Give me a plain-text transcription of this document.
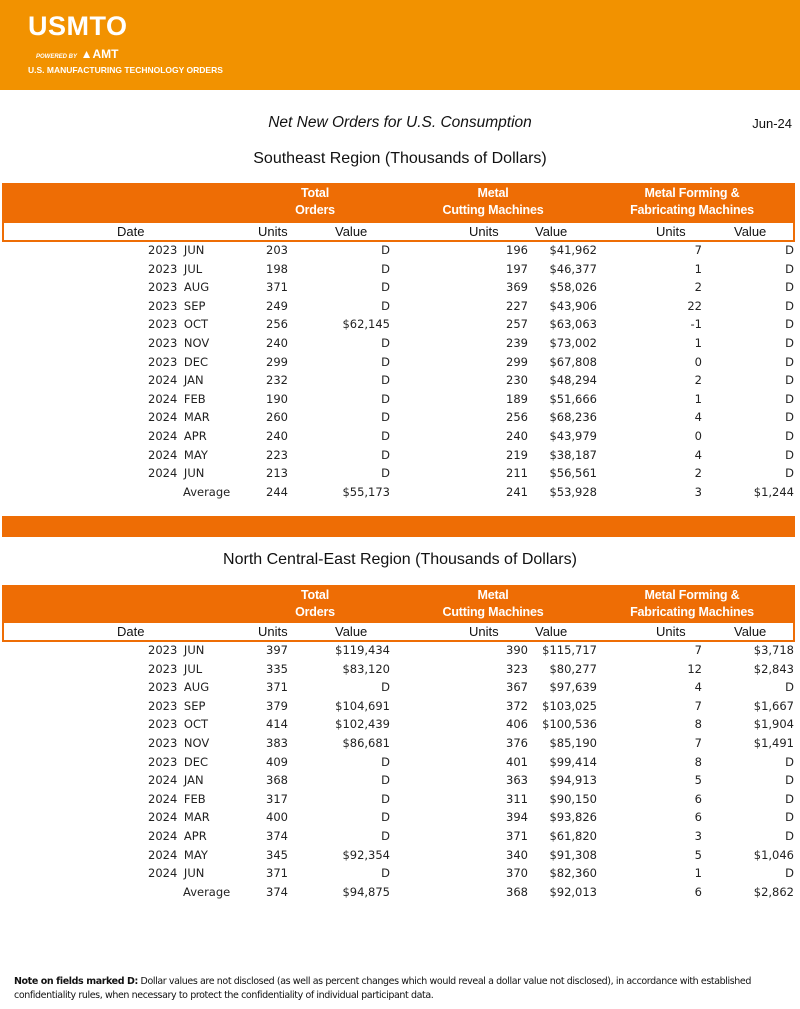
USMTO
POWERED BY ▲AMT
U.S. MANUFACTURING TECHNOLOGY ORDERS
Net New Orders for U.S. Consumption	Jun-24
Southeast Region (Thousands of Dollars)
Total
Orders
Metal
Cutting Machines
Metal Forming &
Fabricating Machines
Date	Units	Value	Units	Value	Units	Value
2023 JUN	203	D	196 $41,962	7	D
2023 JUL	198	D	197 $46,377	1	D
2023 AUG	371	D	369 $58,026	2	D
2023 SEP	249	D	227 $43,906	22	D
2023 OCT	256	$62,145	257 $63,063	-1	D
2023 NOV	240	D	239 $73,002	1	D
2023 DEC	299	D	299 $67,808	0	D
2024 JAN	232	D	230 $48,294	2	D
2024 FEB	190	D	189 $51,666	1	D
2024 MAR	260	D	256 $68,236	4	D
2024 APR	240	D	240 $43,979	0	D
2024 MAY	223	D	219 $38,187	4	D
2024 JUN	213	D	211 $56,561	2	D
Average	244	$55,173	241 $53,928	3	$1,244
North Central-East Region (Thousands of Dollars)
Total
Orders
Metal
Cutting Machines
Metal Forming &
Fabricating Machines
Date	Units	Value	Units	Value	Units	Value
2023 JUN	397	$119,434	390 $115,717	7	$3,718
2023 JUL	335	$83,120	323 $80,277	12	$2,843
2023 AUG	371	D	367 $97,639	4	D
2023 SEP	379	$104,691	372 $103,025	7	$1,667
2023 OCT	414	$102,439	406 $100,536	8	$1,904
2023 NOV	383	$86,681	376 $85,190	7	$1,491
2023 DEC	409	D	401 $99,414	8	D
2024 JAN	368	D	363 $94,913	5	D
2024 FEB	317	D	311 $90,150	6	D
2024 MAR	400	D	394 $93,826	6	D
2024 APR	374	D	371 $61,820	3	D
2024 MAY	345	$92,354	340 $91,308	5	$1,046
2024 JUN	371	D	370 $82,360	1	D
Average	374	$94,875	368 $92,013	6	$2,862
Note on fields marked D: Dollar values are not disclosed (as well as percent changes which would reveal a dollar value not disclosed), in accordance with established confidentiality rules, when necessary to protect the confidentiality of individual participant data.
